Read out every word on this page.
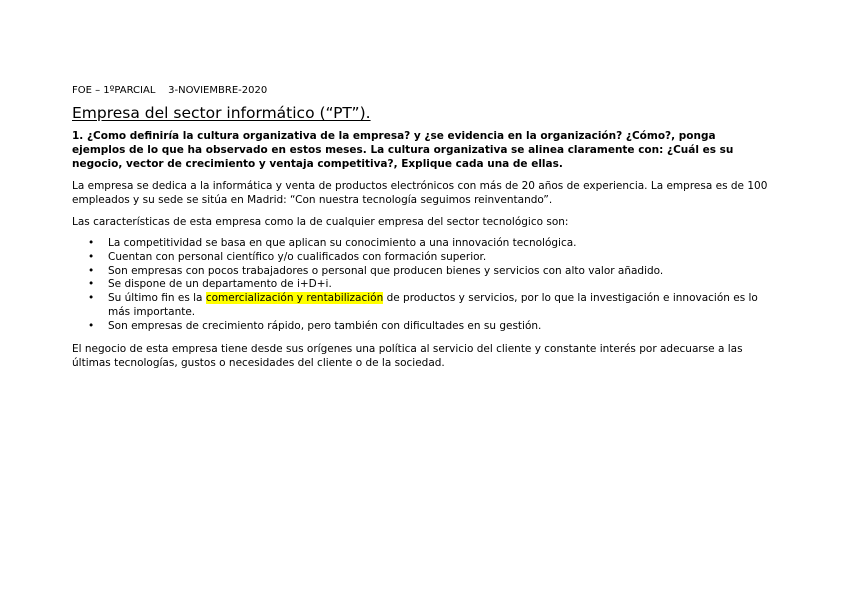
FOE – 1ºPARCIAL 3-NOVIEMBRE-2020

Empresa del sector informático (“PT”).

1. ¿Como definiría la cultura organizativa de la empresa? y ¿se evidencia en la organización? ¿Cómo?, ponga ejemplos de lo que ha observado en estos meses. La cultura organizativa se alinea claramente con: ¿Cuál es su negocio, vector de crecimiento y ventaja competitiva?, Explique cada una de ellas.

La empresa se dedica a la informática y venta de productos electrónicos con más de 20 años de experiencia. La empresa es de 100 empleados y su sede se sitúa en Madrid: “Con nuestra tecnología seguimos reinventando”.

Las características de esta empresa como la de cualquier empresa del sector tecnológico son:

• La competitividad se basa en que aplican su conocimiento a una innovación tecnológica.
• Cuentan con personal científico y/o cualificados con formación superior.
• Son empresas con pocos trabajadores o personal que producen bienes y servicios con alto valor añadido.
• Se dispone de un departamento de i+D+i.
• Su último fin es la comercialización y rentabilización de productos y servicios, por lo que la investigación e innovación es lo más importante.
• Son empresas de crecimiento rápido, pero también con dificultades en su gestión.

El negocio de esta empresa tiene desde sus orígenes una política al servicio del cliente y constante interés por adecuarse a las últimas tecnologías, gustos o necesidades del cliente o de la sociedad.
